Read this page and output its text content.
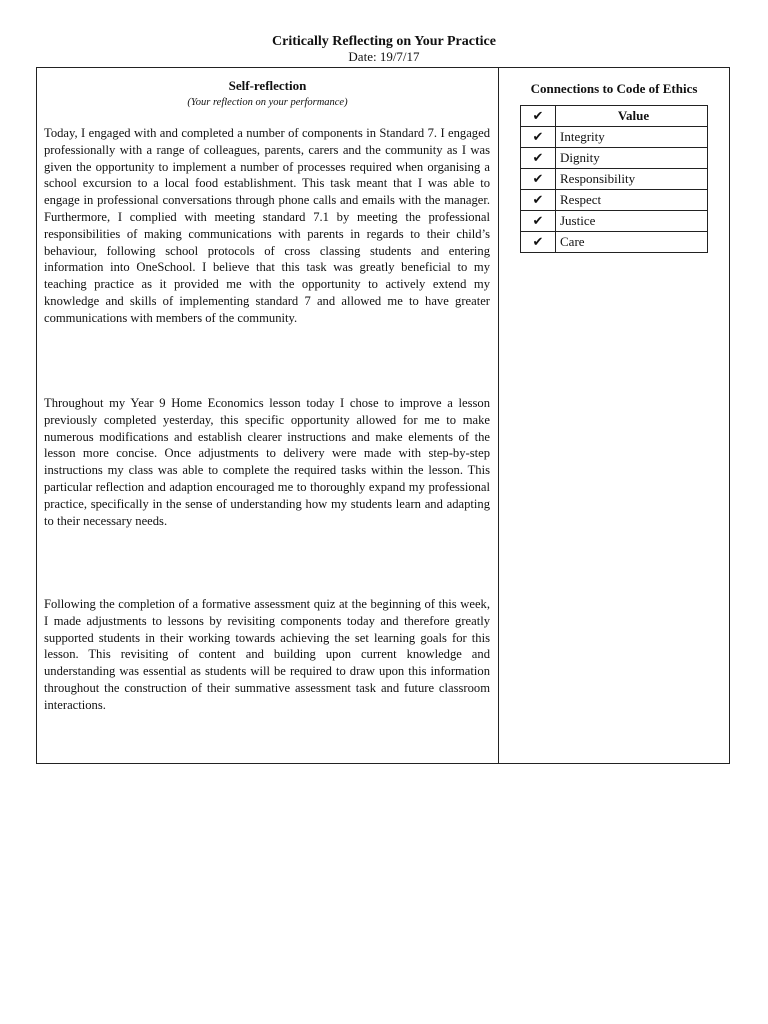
Critically Reflecting on Your Practice
Date: 19/7/17
Self-reflection
(Your reflection on your performance)

Today, I engaged with and completed a number of components in Standard 7. I engaged professionally with a range of colleagues, parents, carers and the community as I was given the opportunity to implement a number of processes required when organising a school excursion to a local food establishment. This task meant that I was able to engage in professional conversations through phone calls and emails with the manager. Furthermore, I complied with meeting standard 7.1 by meeting the professional responsibilities of making communications with parents in regards to their child’s behaviour, following school protocols of cross classing students and entering information into OneSchool. I believe that this task was greatly beneficial to my teaching practice as it provided me with the opportunity to actively extend my knowledge and skills of implementing standard 7 and allowed me to have greater communications with members of the community.

Throughout my Year 9 Home Economics lesson today I chose to improve a lesson previously completed yesterday, this specific opportunity allowed for me to make numerous modifications and establish clearer instructions and make elements of the lesson more concise. Once adjustments to delivery were made with step-by-step instructions my class was able to complete the required tasks within the lesson. This particular reflection and adaption encouraged me to thoroughly expand my professional practice, specifically in the sense of understanding how my students learn and adapting to their necessary needs.

Following the completion of a formative assessment quiz at the beginning of this week, I made adjustments to lessons by revisiting components today and therefore greatly supported students in their working towards achieving the set learning goals for this lesson. This revisiting of content and building upon current knowledge and understanding was essential as students will be required to draw upon this information throughout the construction of their summative assessment task and future classroom interactions.

Connections to Code of Ethics
✔	Value
✔	Integrity
✔	Dignity
✔	Responsibility
✔	Respect
✔	Justice
✔	Care
